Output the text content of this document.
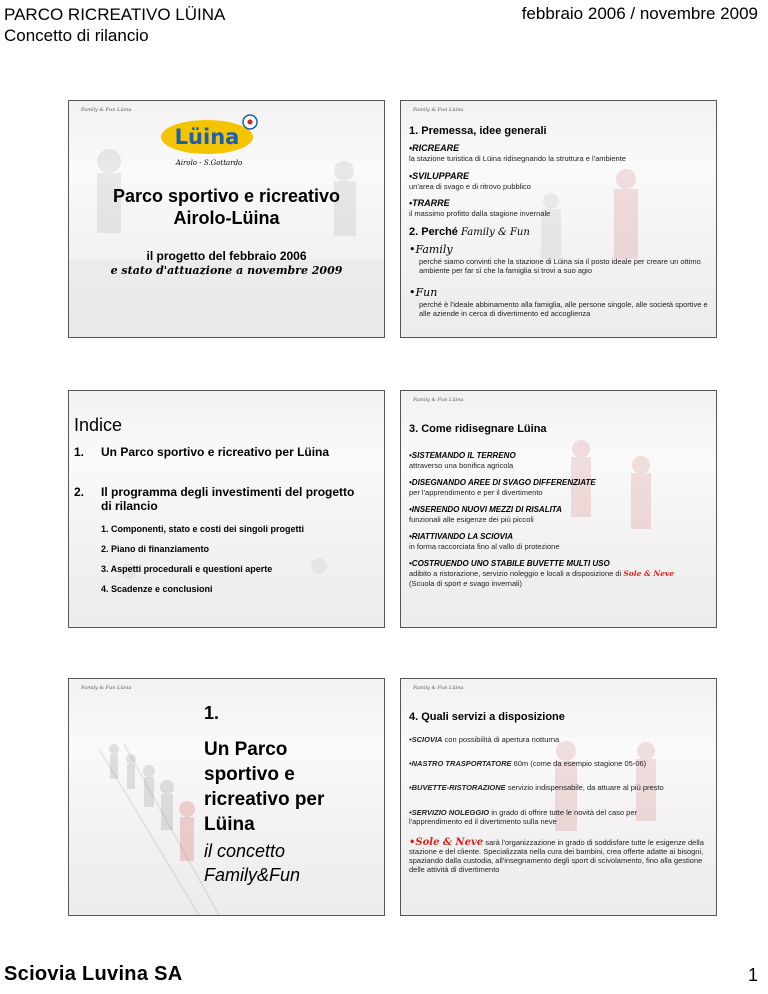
PARCO RICREATIVO LÜINA
Concetto di rilancio
febbraio 2006 / novembre 2009
Family & Fun Lüina
Lüina
Airolo - S.Gottardo
Parco sportivo e ricreativo
Airolo-Lüina
il progetto del febbraio 2006
e stato d'attuazione a novembre 2009
Family & Fun Lüina
1. Premessa, idee generali
•RICREARE
la stazione turistica di Lüina ridisegnando la struttura e l'ambiente
•SVILUPPARE
un'area di svago e di ritrovo pubblico
•TRARRE
il massimo profitto dalla stagione invernale
2. Perché Family & Fun
•Family
perché siamo convinti che la stazione di Lüina sia il posto ideale per creare un ottimo ambiente per far sì che la famiglia si trovi a suo agio
•Fun
perché è l'ideale abbinamento alla famiglia, alle persone singole, alle società sportive e alle aziende in cerca di divertimento ed accoglienza
Indice
1. Un Parco sportivo e ricreativo per Lüina
2. Il programma degli investimenti del progetto di rilancio
1. Componenti, stato e costi dei singoli progetti
2. Piano di finanziamento
3. Aspetti procedurali e questioni aperte
4. Scadenze e conclusioni
Family & Fun Lüina
3. Come ridisegnare Lüina
•SISTEMANDO IL TERRENO
attraverso una bonifica agricola
•DISEGNANDO AREE DI SVAGO DIFFERENZIATE
per l'apprendimento e per il divertimento
•INSERENDO NUOVI MEZZI DI RISALITA
funzionali alle esigenze dei più piccoli
•RIATTIVANDO LA SCIOVIA
in forma raccorciata fino al vallo di protezione
•COSTRUENDO UNO STABILE BUVETTE MULTI USO
adibito a ristorazione, servizio noleggio e locali a disposizione di Sole & Neve
(Scuola di sport e svago invernali)
Family & Fun Lüina
1.
Un Parco sportivo e ricreativo per Lüina
il concetto Family&Fun
Family & Fun Lüina
4. Quali servizi a disposizione
•SCIOVIA con possibilità di apertura notturna
•NASTRO TRASPORTATORE 60m (come da esempio stagione 05-06)
•BUVETTE-RISTORAZIONE servizio indispensabile, da attuare al più presto
•SERVIZIO NOLEGGIO in grado di offrire tutte le novità del caso per l'apprendimento ed il divertimento sulla neve
•Sole & Neve sarà l'organizzazione in grado di soddisfare tutte le esigenze della stazione e del cliente. Specializzata nella cura dei bambini, crea offerte adatte ai bisogni, spaziando dalla custodia, all'insegnamento degli sport di scivolamento, fino alla gestione delle attività di divertimento
Sciovia Luvina SA	1
